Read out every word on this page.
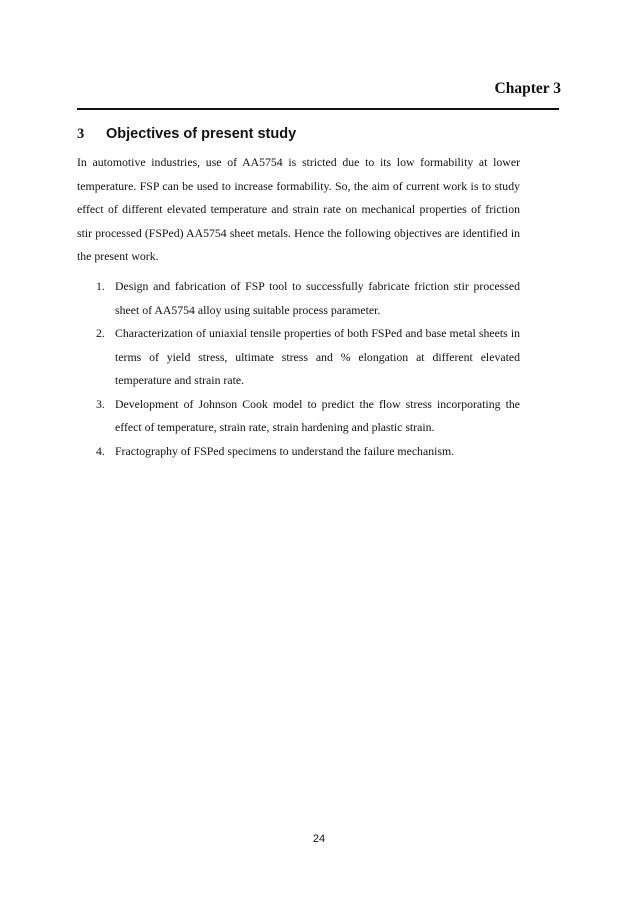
Chapter 3
3 Objectives of present study

In automotive industries, use of AA5754 is stricted due to its low formability at lower temperature. FSP can be used to increase formability. So, the aim of current work is to study effect of different elevated temperature and strain rate on mechanical properties of friction stir processed (FSPed) AA5754 sheet metals. Hence the following objectives are identified in the present work.

1. Design and fabrication of FSP tool to successfully fabricate friction stir processed sheet of AA5754 alloy using suitable process parameter.
2. Characterization of uniaxial tensile properties of both FSPed and base metal sheets in terms of yield stress, ultimate stress and % elongation at different elevated temperature and strain rate.
3. Development of Johnson Cook model to predict the flow stress incorporating the effect of temperature, strain rate, strain hardening and plastic strain.
4. Fractography of FSPed specimens to understand the failure mechanism.
24
